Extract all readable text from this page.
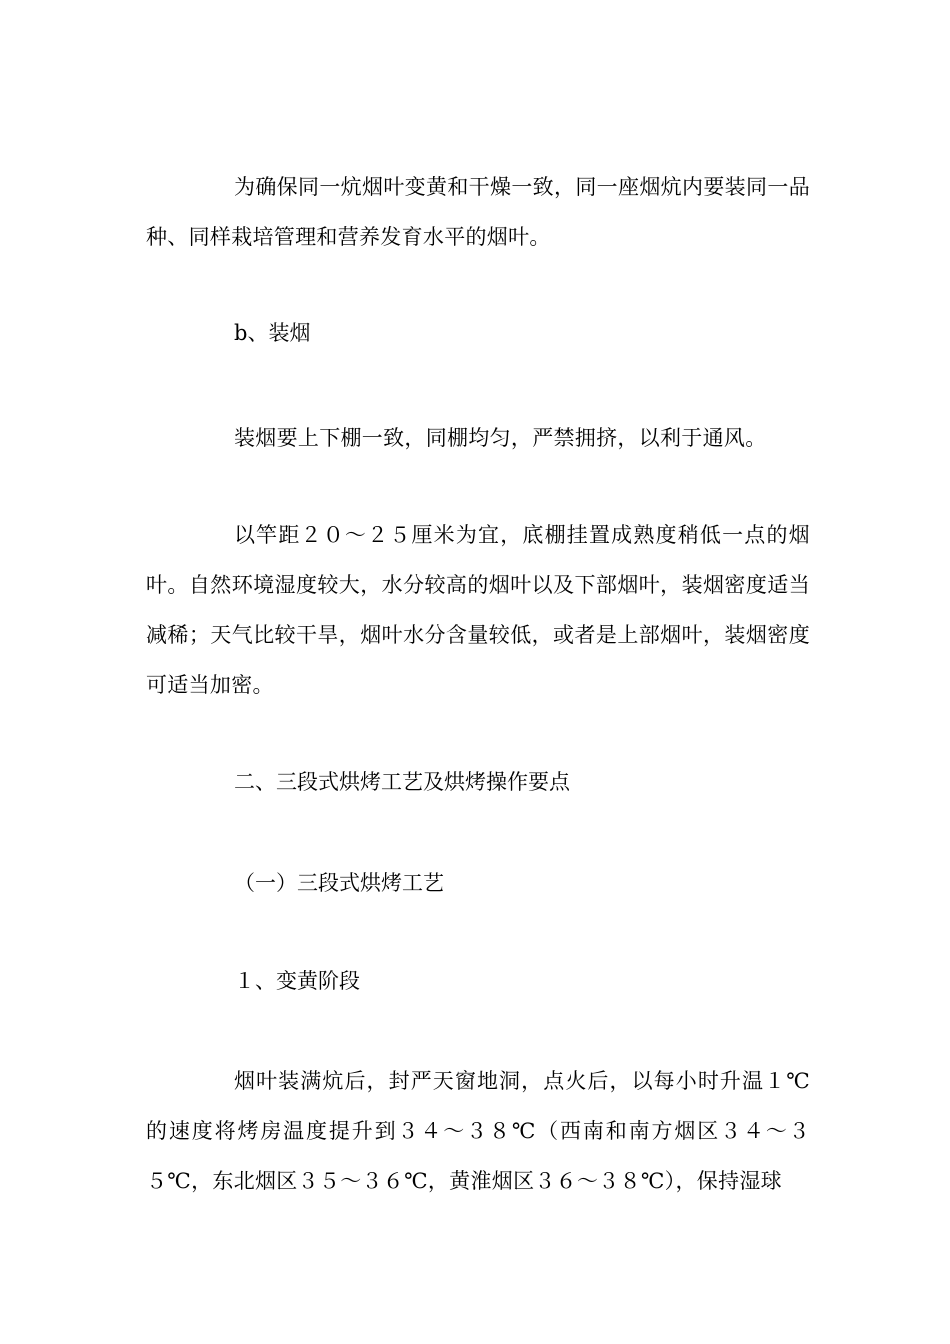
为确保同一炕烟叶变黄和干燥一致，同一座烟炕内要装同一品种、同样栽培管理和营养发育水平的烟叶。

b、装烟

装烟要上下棚一致，同棚均匀，严禁拥挤，以利于通风。

以竿距２０～２５厘米为宜，底棚挂置成熟度稍低一点的烟叶。自然环境湿度较大，水分较高的烟叶以及下部烟叶，装烟密度适当减稀；天气比较干旱，烟叶水分含量较低，或者是上部烟叶，装烟密度可适当加密。

二、三段式烘烤工艺及烘烤操作要点

（一）三段式烘烤工艺

１、变黄阶段

烟叶装满炕后，封严天窗地洞，点火后，以每小时升温１℃的速度将烤房温度提升到３４～３８℃（西南和南方烟区３４～３５℃，东北烟区３５～３６℃，黄淮烟区３６～３８℃），保持湿球
